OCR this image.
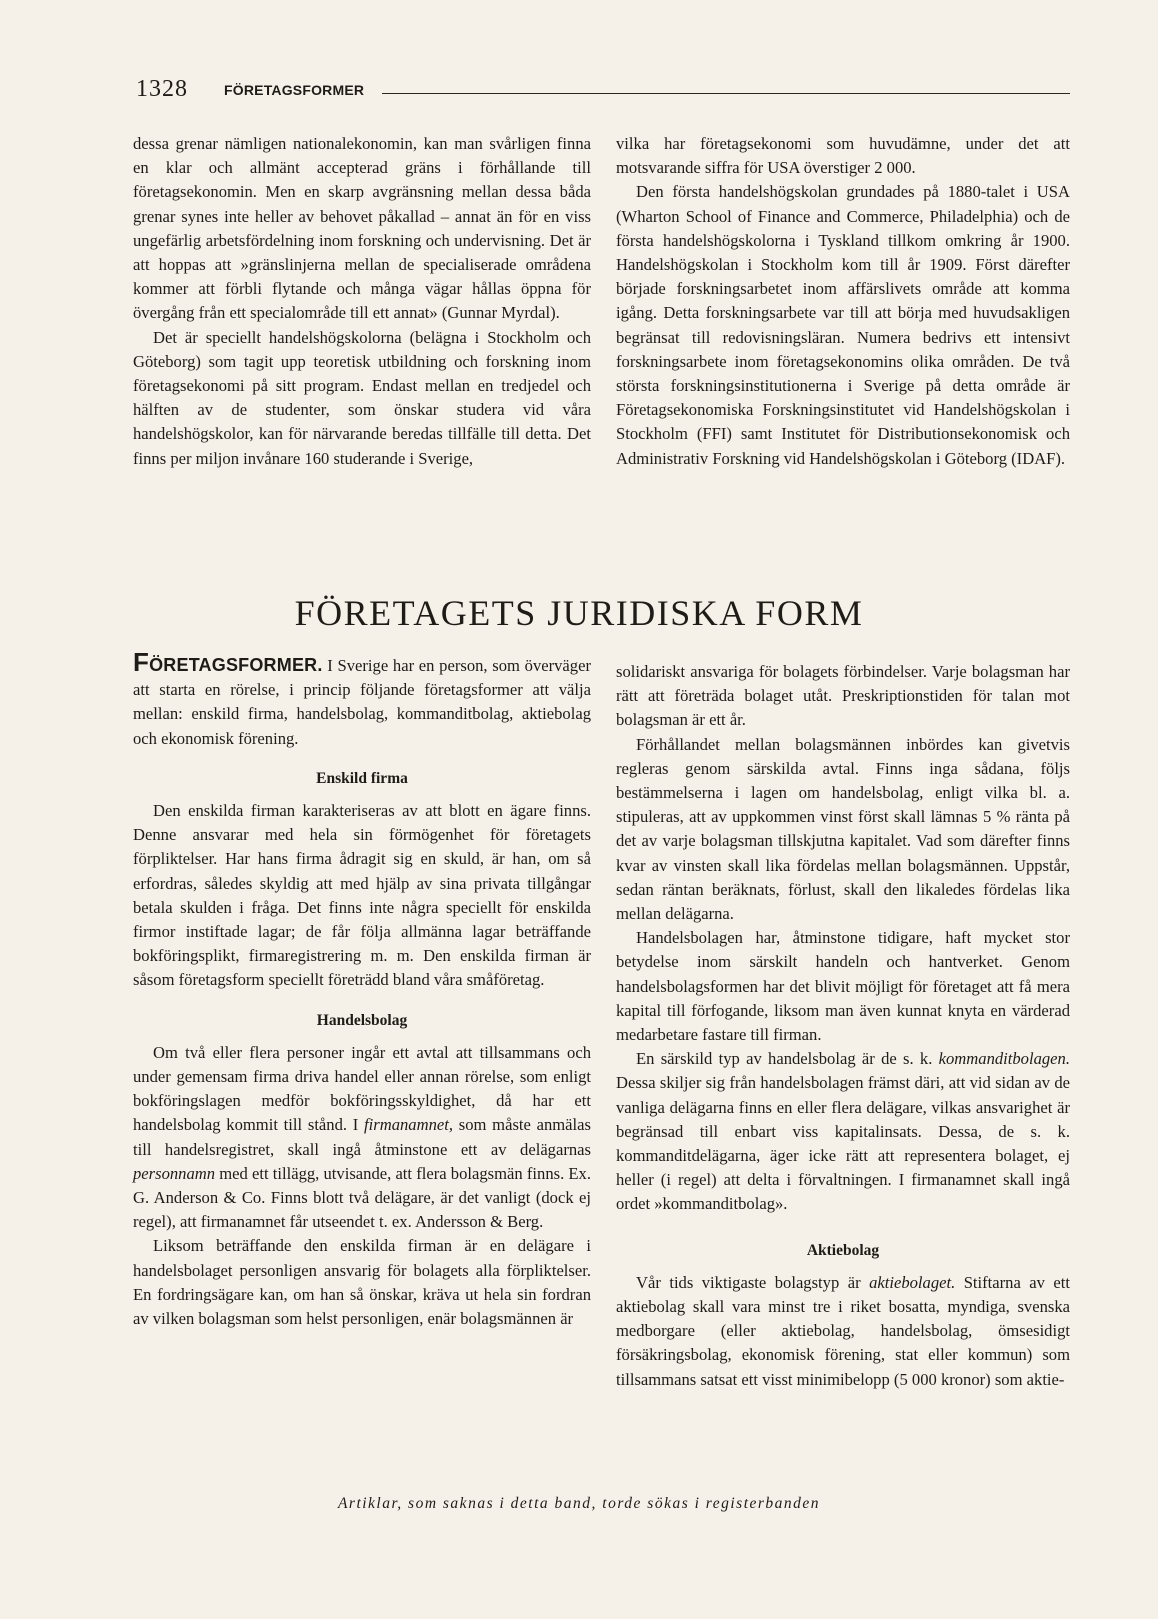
1328	FÖRETAGSFORMER

dessa grenar nämligen nationalekonomin, kan man svårligen finna en klar och allmänt accepterad gräns i förhållande till företagsekonomin. Men en skarp avgränsning mellan dessa båda grenar synes inte heller av behovet påkallad – annat än för en viss ungefärlig arbetsfördelning inom forskning och undervisning. Det är att hoppas att »gränslinjerna mellan de specialiserade områdena kommer att förbli flytande och många vägar hållas öppna för övergång från ett specialområde till ett annat» (Gunnar Myrdal).

Det är speciellt handelshögskolorna (belägna i Stockholm och Göteborg) som tagit upp teoretisk utbildning och forskning inom företagsekonomi på sitt program. Endast mellan en tredjedel och hälften av de studenter, som önskar studera vid våra handelshögskolor, kan för närvarande beredas tillfälle till detta. Det finns per miljon invånare 160 studerande i Sverige,

vilka har företagsekonomi som huvudämne, under det att motsvarande siffra för USA överstiger 2 000.

Den första handelshögskolan grundades på 1880-talet i USA (Wharton School of Finance and Commerce, Philadelphia) och de första handelshögskolorna i Tyskland tillkom omkring år 1900. Handelshögskolan i Stockholm kom till år 1909. Först därefter började forskningsarbetet inom affärslivets område att komma igång. Detta forskningsarbete var till att börja med huvudsakligen begränsat till redovisningsläran. Numera bedrivs ett intensivt forskningsarbete inom företagsekonomins olika områden. De två största forskningsinstitutionerna i Sverige på detta område är Företagsekonomiska Forskningsinstitutet vid Handelshögskolan i Stockholm (FFI) samt Institutet för Distributionsekonomisk och Administrativ Forskning vid Handelshögskolan i Göteborg (IDAF).

FÖRETAGETS JURIDISKA FORM

FÖRETAGSFORMER. I Sverige har en person, som överväger att starta en rörelse, i princip följande företagsformer att välja mellan: enskild firma, handelsbolag, kommanditbolag, aktiebolag och ekonomisk förening.

Enskild firma

Den enskilda firman karakteriseras av att blott en ägare finns. Denne ansvarar med hela sin förmögenhet för företagets förpliktelser. Har hans firma ådragit sig en skuld, är han, om så erfordras, således skyldig att med hjälp av sina privata tillgångar betala skulden i fråga. Det finns inte några speciellt för enskilda firmor instiftade lagar; de får följa allmänna lagar beträffande bokföringsplikt, firmaregistrering m. m. Den enskilda firman är såsom företagsform speciellt företrädd bland våra småföretag.

Handelsbolag

Om två eller flera personer ingår ett avtal att tillsammans och under gemensam firma driva handel eller annan rörelse, som enligt bokföringslagen medför bokföringsskyldighet, då har ett handelsbolag kommit till stånd. I firmanamnet, som måste anmälas till handelsregistret, skall ingå åtminstone ett av delägarnas personnamn med ett tillägg, utvisande, att flera bolagsmän finns. Ex. G. Anderson & Co. Finns blott två delägare, är det vanligt (dock ej regel), att firmanamnet får utseendet t. ex. Andersson & Berg.

Liksom beträffande den enskilda firman är en delägare i handelsbolaget personligen ansvarig för bolagets alla förpliktelser. En fordringsägare kan, om han så önskar, kräva ut hela sin fordran av vilken bolagsman som helst personligen, enär bolagsmännen är

solidariskt ansvariga för bolagets förbindelser. Varje bolagsman har rätt att företräda bolaget utåt. Preskriptionstiden för talan mot bolagsman är ett år.

Förhållandet mellan bolagsmännen inbördes kan givetvis regleras genom särskilda avtal. Finns inga sådana, följs bestämmelserna i lagen om handelsbolag, enligt vilka bl. a. stipuleras, att av uppkommen vinst först skall lämnas 5 % ränta på det av varje bolagsman tillskjutna kapitalet. Vad som därefter finns kvar av vinsten skall lika fördelas mellan bolagsmännen. Uppstår, sedan räntan beräknats, förlust, skall den likaledes fördelas lika mellan delägarna.

Handelsbolagen har, åtminstone tidigare, haft mycket stor betydelse inom särskilt handeln och hantverket. Genom handelsbolagsformen har det blivit möjligt för företaget att få mera kapital till förfogande, liksom man även kunnat knyta en värderad medarbetare fastare till firman.

En särskild typ av handelsbolag är de s. k. kommanditbolagen. Dessa skiljer sig från handelsbolagen främst däri, att vid sidan av de vanliga delägarna finns en eller flera delägare, vilkas ansvarighet är begränsad till enbart viss kapitalinsats. Dessa, de s. k. kommanditdelägarna, äger icke rätt att representera bolaget, ej heller (i regel) att delta i förvaltningen. I firmanamnet skall ingå ordet »kommanditbolag».

Aktiebolag

Vår tids viktigaste bolagstyp är aktiebolaget. Stiftarna av ett aktiebolag skall vara minst tre i riket bosatta, myndiga, svenska medborgare (eller aktiebolag, handelsbolag, ömsesidigt försäkringsbolag, ekonomisk förening, stat eller kommun) som tillsammans satsat ett visst minimibelopp (5 000 kronor) som aktie-

Artiklar, som saknas i detta band, torde sökas i registerbanden
